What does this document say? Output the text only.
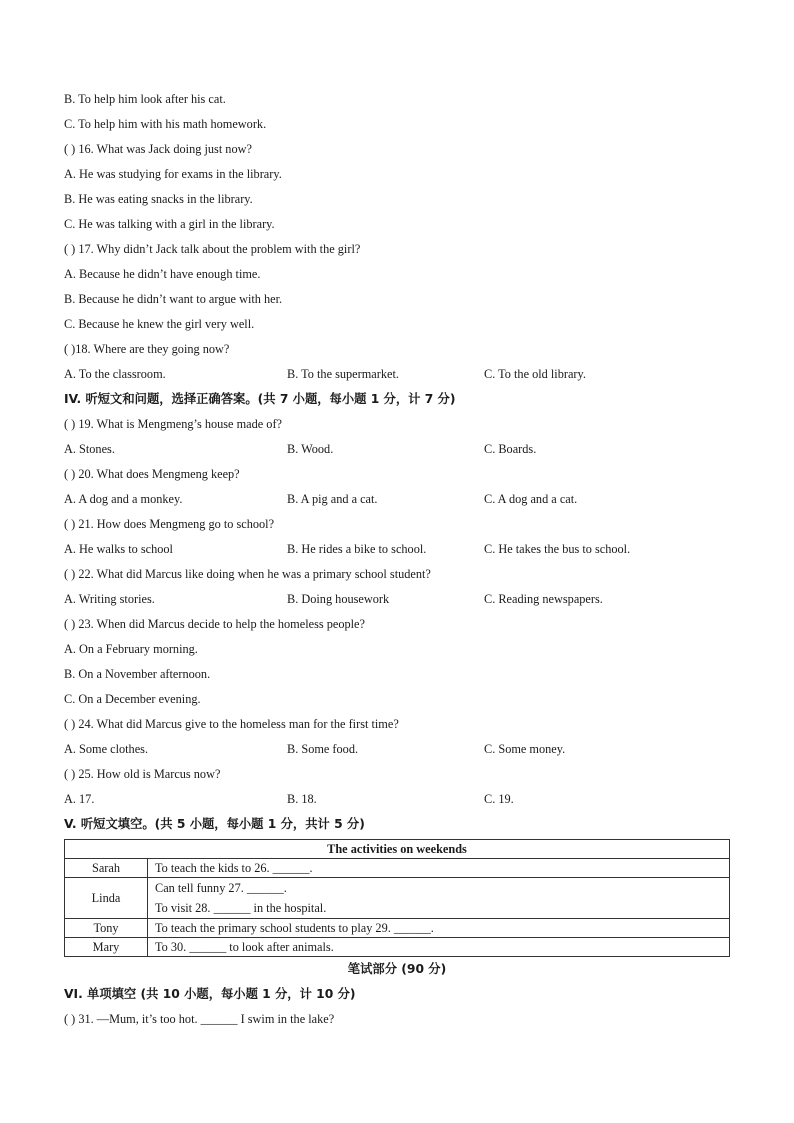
B. To help him look after his cat.
C. To help him with his math homework.
( ) 16. What was Jack doing just now?
A. He was studying for exams in the library.
B. He was eating snacks in the library.
C. He was talking with a girl in the library.
( ) 17. Why didn’t Jack talk about the problem with the girl?
A. Because he didn’t have enough time.
B. Because he didn’t want to argue with her.
C. Because he knew the girl very well.
( )18. Where are they going now?
A. To the classroom.	B. To the supermarket.	C. To the old library.
IV. 听短文和问题，选择正确答案。(共 7 小题，每小题 1 分，计 7 分)
( ) 19. What is Mengmeng’s house made of?
A. Stones.	B. Wood.	C. Boards.
( ) 20. What does Mengmeng keep?
A. A dog and a monkey.	B. A pig and a cat.	C. A dog and a cat.
( ) 21. How does Mengmeng go to school?
A. He walks to school	B. He rides a bike to school.	C. He takes the bus to school.
( ) 22. What did Marcus like doing when he was a primary school student?
A. Writing stories.	B. Doing housework	C. Reading newspapers.
( ) 23. When did Marcus decide to help the homeless people?
A. On a February morning.
B. On a November afternoon.
C. On a December evening.
( ) 24. What did Marcus give to the homeless man for the first time?
A. Some clothes.	B. Some food.	C. Some money.
( ) 25. How old is Marcus now?
A. 17.	B. 18.	C. 19.
V. 听短文填空。(共 5 小题，每小题 1 分，共计 5 分)
The activities on weekends	
Sarah	To teach the kids to 26. ______.
Linda	Can tell funny 27. ______.
To visit 28. ______ in the hospital.

Tony	To teach the primary school students to play 29. ______.
Mary	To 30. ______ to look after animals.
笔试部分 (90 分)
VI. 单项填空 (共 10 小题，每小题 1 分，计 10 分)
( ) 31. —Mum, it’s too hot. ______ I swim in the lake?
